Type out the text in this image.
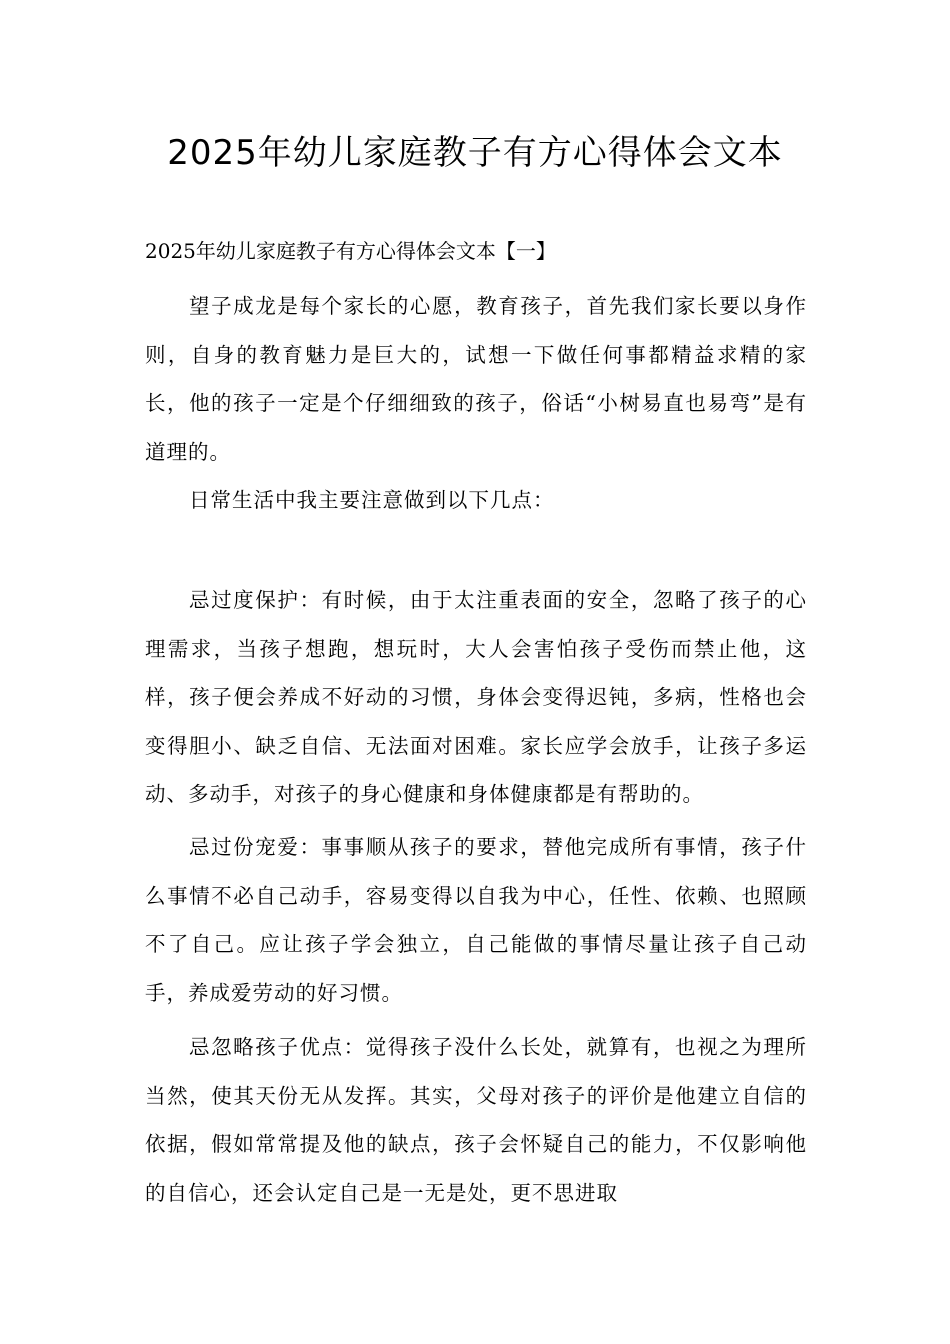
2025年幼儿家庭教子有方心得体会文本

2025年幼儿家庭教子有方心得体会文本【一】

望子成龙是每个家长的心愿，教育孩子，首先我们家长要以身作则，自身的教育魅力是巨大的，试想一下做任何事都精益求精的家长，他的孩子一定是个仔细细致的孩子，俗话“小树易直也易弯”是有道理的。

日常生活中我主要注意做到以下几点：

忌过度保护：有时候，由于太注重表面的安全，忽略了孩子的心理需求，当孩子想跑，想玩时，大人会害怕孩子受伤而禁止他，这样，孩子便会养成不好动的习惯，身体会变得迟钝，多病，性格也会变得胆小、缺乏自信、无法面对困难。家长应学会放手，让孩子多运动、多动手，对孩子的身心健康和身体健康都是有帮助的。

忌过份宠爱：事事顺从孩子的要求，替他完成所有事情，孩子什么事情不必自己动手，容易变得以自我为中心，任性、依赖、也照顾不了自己。应让孩子学会独立，自己能做的事情尽量让孩子自己动手，养成爱劳动的好习惯。

忌忽略孩子优点：觉得孩子没什么长处，就算有，也视之为理所当然，使其天份无从发挥。其实，父母对孩子的评价是他建立自信的依据，假如常常提及他的缺点，孩子会怀疑自己的能力，不仅影响他的自信心，还会认定自己是一无是处，更不思进取
